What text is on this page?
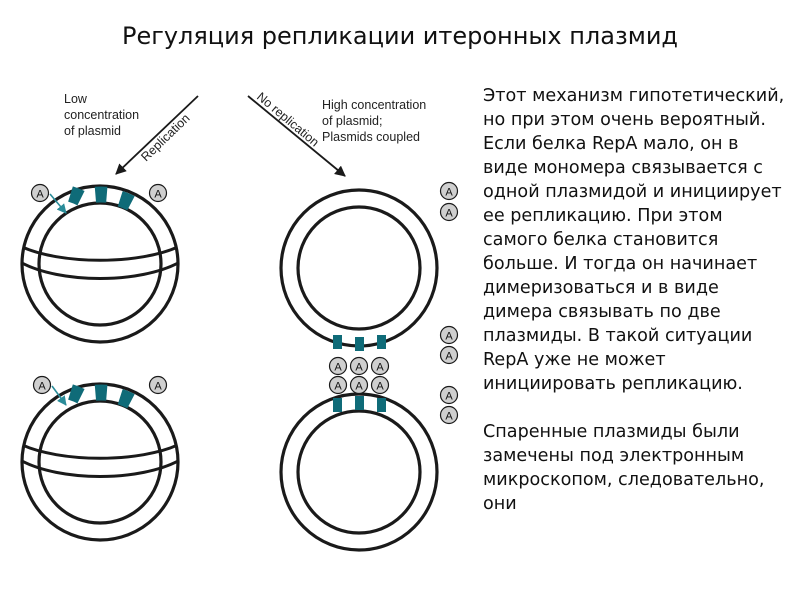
Регуляция репликации итеронных плазмид
Low
concentration
of plasmid Replication	No replication High concentration
of plasmid;
Plasmids coupled
A	A
A	A
A A A
A A A
A
A
A
A
A
A

Этот механизм гипотетический, но при этом очень вероятный. Если белка RepA мало, он в виде мономера связывается с одной плазмидой и инициирует ее репликацию. При этом самого белка становится больше. И тогда он начинает димеризоваться и в виде димера связывать по две плазмиды. В такой ситуации RepA уже не может инициировать репликацию.

Спаренные плазмиды были замечены под электронным микроскопом, следовательно, они
